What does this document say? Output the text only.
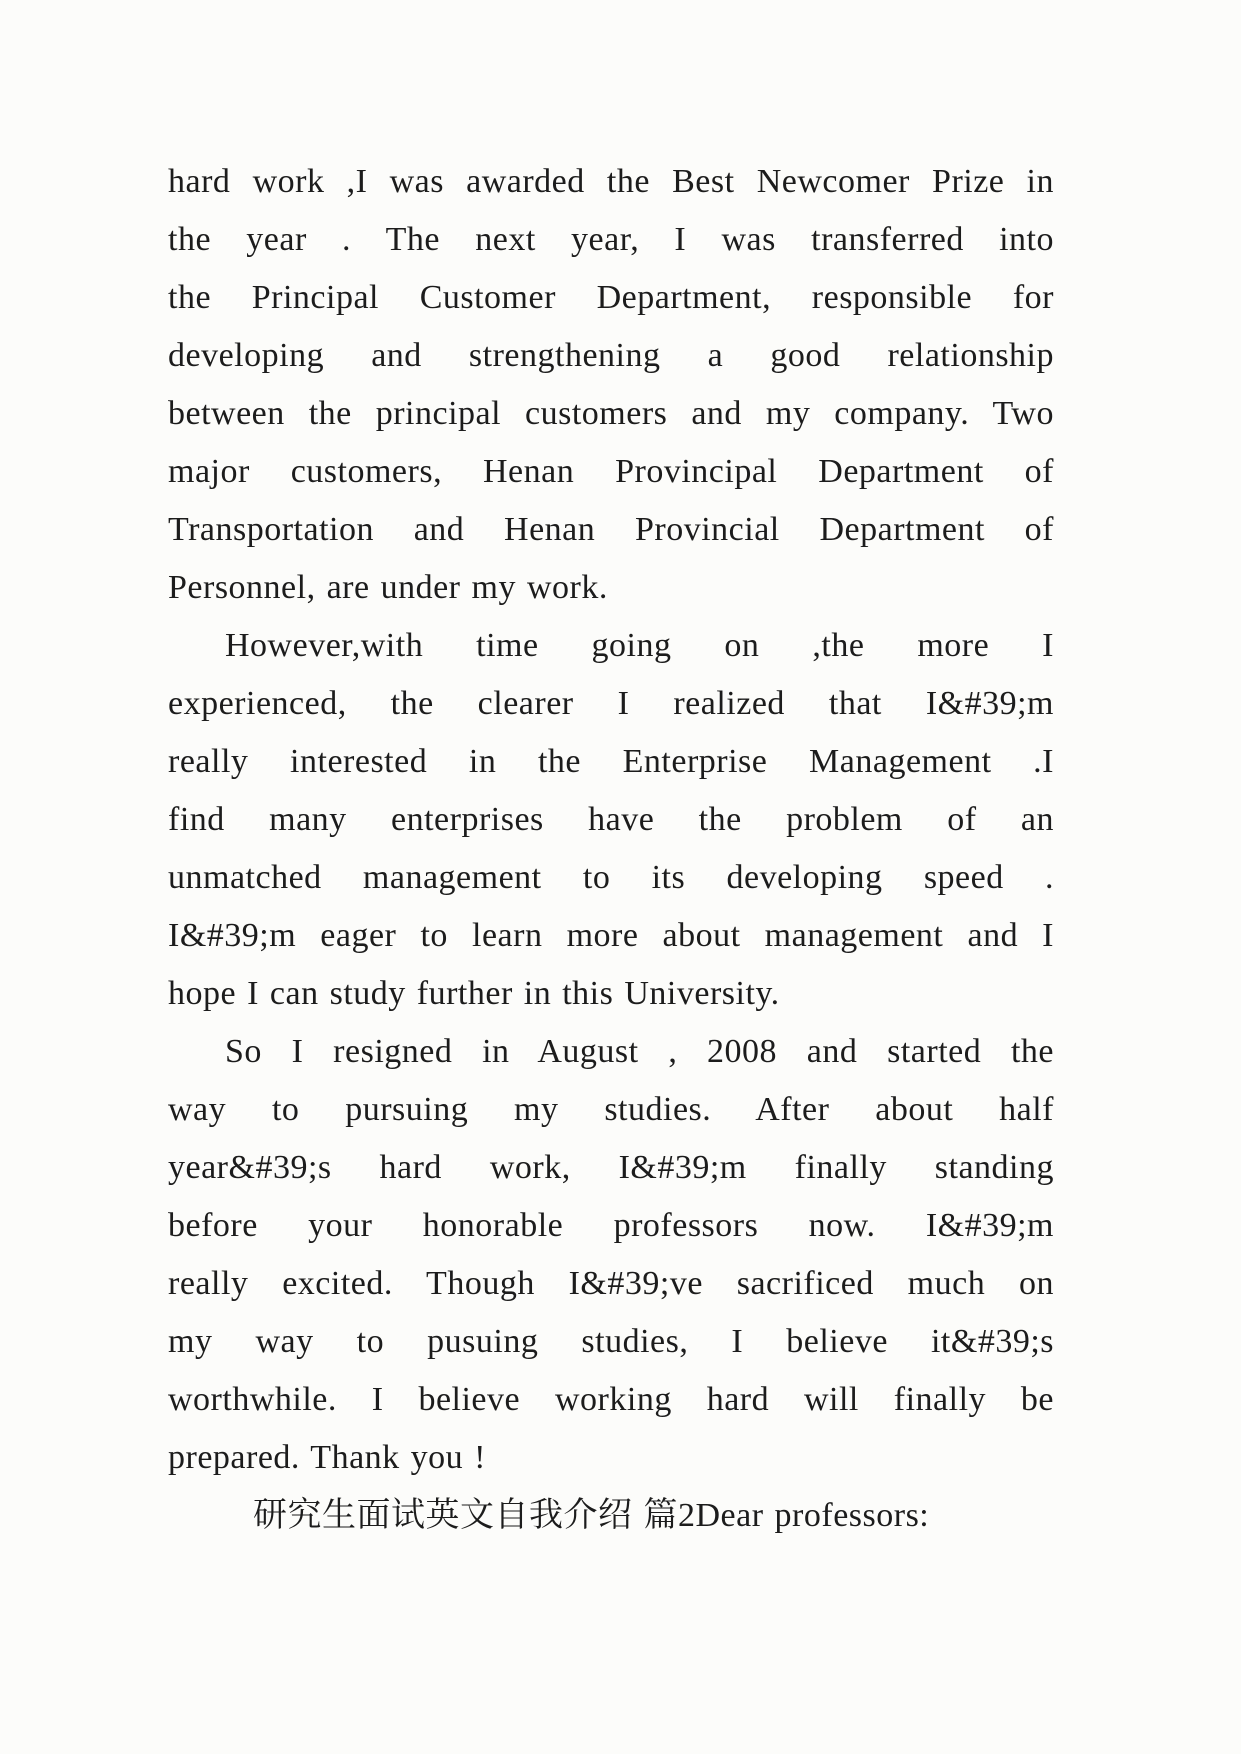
hard work ,I was awarded the Best Newcomer Prize in
the year . The next year, I was transferred into
the Principal Customer Department, responsible for
developing and strengthening a good relationship
between the principal customers and my company. Two
major customers, Henan Provincipal Department of
Transportation and Henan Provincial Department of
Personnel, are under my work.
However,with time going on ,the more I
experienced, the clearer I realized that I&#39;m
really interested in the Enterprise Management .I
find many enterprises have the problem of an
unmatched management to its developing speed .
I&#39;m eager to learn more about management and I
hope I can study further in this University.
So I resigned in August , 2008 and started the
way to pursuing my studies. After about half
year&#39;s hard work, I&#39;m finally standing
before your honorable professors now. I&#39;m
really excited. Though I&#39;ve sacrificed much on
my way to pusuing studies, I believe it&#39;s
worthwhile. I believe working hard will finally be
prepared. Thank you !
研究生面试英文自我介绍 篇2Dear professors:
